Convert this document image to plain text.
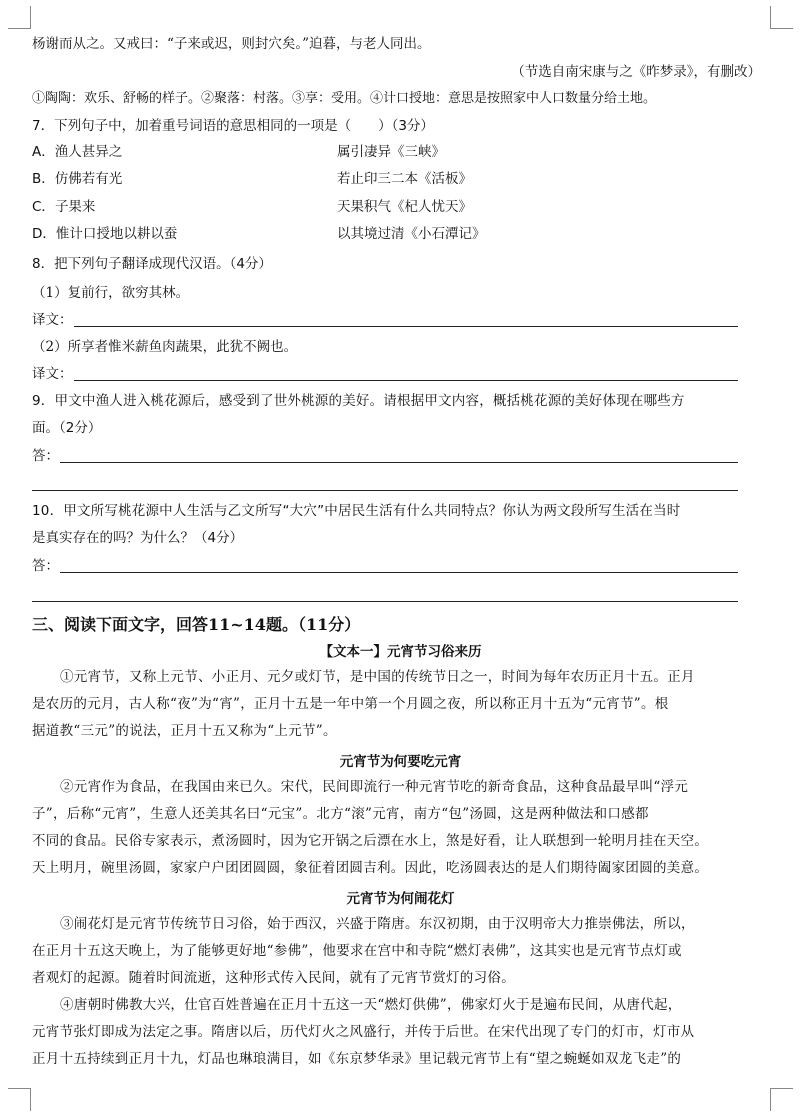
杨谢而从之。又戒曰：“子来或迟，则封穴矣。”迫暮，与老人同出。
（节选自南宋康与之《昨梦录》，有删改）
①陶陶：欢乐、舒畅的样子。②聚落：村落。③享：受用。④计口授地：意思是按照家中人口数量分给土地。
7．下列句子中，加着重号词语的意思相同的一项是（　　）（3分）
A．渔人甚异之	属引凄异《三峡》
B．仿佛若有光	若止印三二本《活板》
C．子果来	天果积气《杞人忧天》
D．惟计口授地以耕以蚕	以其境过清《小石潭记》
8．把下列句子翻译成现代汉语。（4分）
（1）复前行，欲穷其林。
译文：
（2）所享者惟米薪鱼肉蔬果，此犹不阙也。
译文：
9．甲文中渔人进入桃花源后，感受到了世外桃源的美好。请根据甲文内容，概括桃花源的美好体现在哪些方
面。（2分）
答：
10．甲文所写桃花源中人生活与乙文所写“大穴”中居民生活有什么共同特点？你认为两文段所写生活在当时
是真实存在的吗？为什么？（4分）
答：
三、阅读下面文字，回答11~14题。（11分）
【文本一】元宵节习俗来历
①元宵节，又称上元节、小正月、元夕或灯节，是中国的传统节日之一，时间为每年农历正月十五。正月
是农历的元月，古人称“夜”为“宵”，正月十五是一年中第一个月圆之夜，所以称正月十五为“元宵节”。根
据道教“三元”的说法，正月十五又称为“上元节”。
元宵节为何要吃元宵
②元宵作为食品，在我国由来已久。宋代，民间即流行一种元宵节吃的新奇食品，这种食品最早叫“浮元
子”，后称“元宵”，生意人还美其名曰“元宝”。北方“滚”元宵，南方“包”汤圆，这是两种做法和口感都
不同的食品。民俗专家表示，煮汤圆时，因为它开锅之后漂在水上，煞是好看，让人联想到一轮明月挂在天空。
天上明月，碗里汤圆，家家户户团团圆圆，象征着团圆吉利。因此，吃汤圆表达的是人们期待阖家团圆的美意。
元宵节为何闹花灯
③闹花灯是元宵节传统节日习俗，始于西汉，兴盛于隋唐。东汉初期，由于汉明帝大力推崇佛法，所以，
在正月十五这天晚上，为了能够更好地“参佛”，他要求在宫中和寺院“燃灯表佛”，这其实也是元宵节点灯或
者观灯的起源。随着时间流逝，这种形式传入民间，就有了元宵节赏灯的习俗。
④唐朝时佛教大兴，仕官百姓普遍在正月十五这一天“燃灯供佛”，佛家灯火于是遍布民间，从唐代起，
元宵节张灯即成为法定之事。隋唐以后，历代灯火之风盛行，并传于后世。在宋代出现了专门的灯市，灯市从
正月十五持续到正月十九，灯品也琳琅满目，如《东京梦华录》里记载元宵节上有“望之蜿蜒如双龙飞走”的
